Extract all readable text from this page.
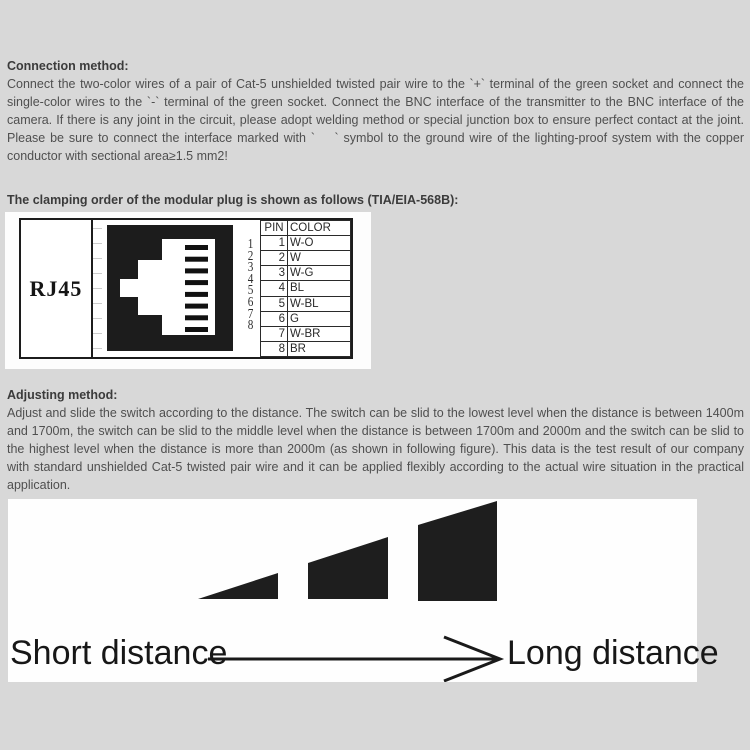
Connection method:

Connect the two-color wires of a pair of Cat-5 unshielded twisted pair wire to the `+` terminal of the green socket and connect the single-color wires to the `-` terminal of the green socket. Connect the BNC interface of the transmitter to the BNC interface of the camera. If there is any joint in the circuit, please adopt welding method or special junction box to ensure perfect contact at the joint. Please be sure to connect the interface marked with `    ` symbol to the ground wire of the lighting-proof system with the copper conductor with sectional area≥1.5 mm2!

The clamping order of the modular plug is shown as follows (TIA/EIA-568B):
RJ45
1
2
3
4
5
6
7
8
PIN	COLOR
1	W-O
2	W
3	W-G
4	BL
5	W-BL
6	G
7	W-BR
8	BR
Adjusting method:

Adjust and slide the switch according to the distance. The switch can be slid to the lowest level when the distance is between 1400m and 1700m, the switch can be slid to the middle level when the distance is between 1700m and 2000m and the switch can be slid to the highest level when the distance is more than 2000m (as shown in following figure). This data is the test result of our company with standard unshielded Cat-5 twisted pair wire and it can be applied flexibly according to the actual wire situation in the practical application.

Short distance	Long distance
